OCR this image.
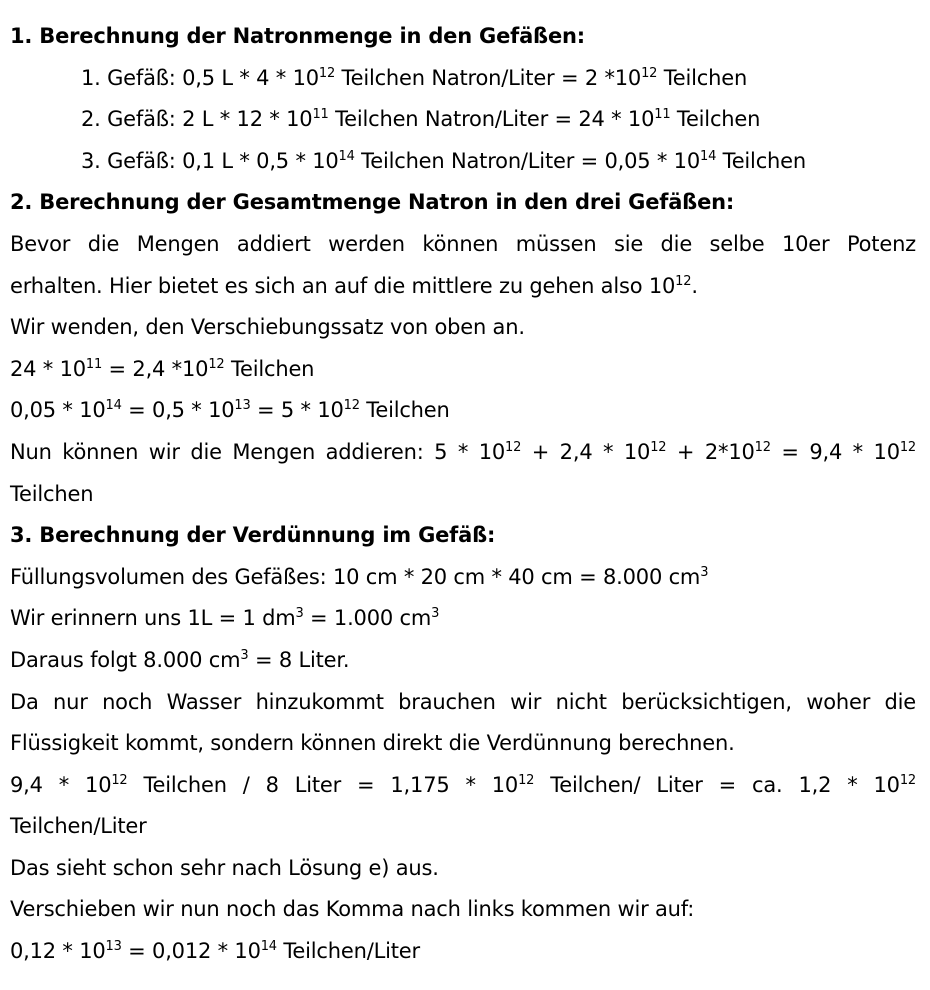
1. Berechnung der Natronmenge in den Gefäßen:
1. Gefäß: 0,5 L * $4 * 10^{12}$ Teilchen Natron/Liter = 2 $*10^{12}$ Teilchen
2. Gefäß: 2 L * $12 * 10^{11}$ Teilchen Natron/Liter = $24 * 10^{11}$ Teilchen
3. Gefäß: 0,1 L * $0,5 * 10^{14}$ Teilchen Natron/Liter = $0,05 * 10^{14}$ Teilchen
2. Berechnung der Gesamtmenge Natron in den drei Gefäßen:
Bevor die Mengen addiert werden können müssen sie die selbe 10er Potenz
erhalten. Hier bietet es sich an auf die mittlere zu gehen also $10^{12}$.
Wir wenden, den Verschiebungssatz von oben an.
$24 * 10^{11} = 2,4$ $*10^{12}$ Teilchen
$0,05 * 10^{14} = 0,5 * 10^{13} = 5 * 10^{12}$ Teilchen
Nun können wir die Mengen addieren: $5 * 10^{12} + 2,4 * 10^{12} + 2*10^{12} = 9,4 * 10^{12}$
Teilchen
3. Berechnung der Verdünnung im Gefäß:
Füllungsvolumen des Gefäßes: 10 cm * 20 cm * 40 cm = 8.000 $cm^3$
Wir erinnern uns 1L = 1 $dm^3 = 1.000$ $cm^3$
Daraus folgt 8.000 $cm^3 = 8$ Liter.
Da nur noch Wasser hinzukommt brauchen wir nicht berücksichtigen, woher die
Flüssigkeit kommt, sondern können direkt die Verdünnung berechnen.
$9,4 * 10^{12}$ Teilchen / 8 Liter = $1,175 * 10^{12}$ Teilchen/ Liter = ca. $1,2 * 10^{12}$
Teilchen/Liter
Das sieht schon sehr nach Lösung e) aus.
Verschieben wir nun noch das Komma nach links kommen wir auf:
$0,12 * 10^{13} = 0,012 * 10^{14}$ Teilchen/Liter
